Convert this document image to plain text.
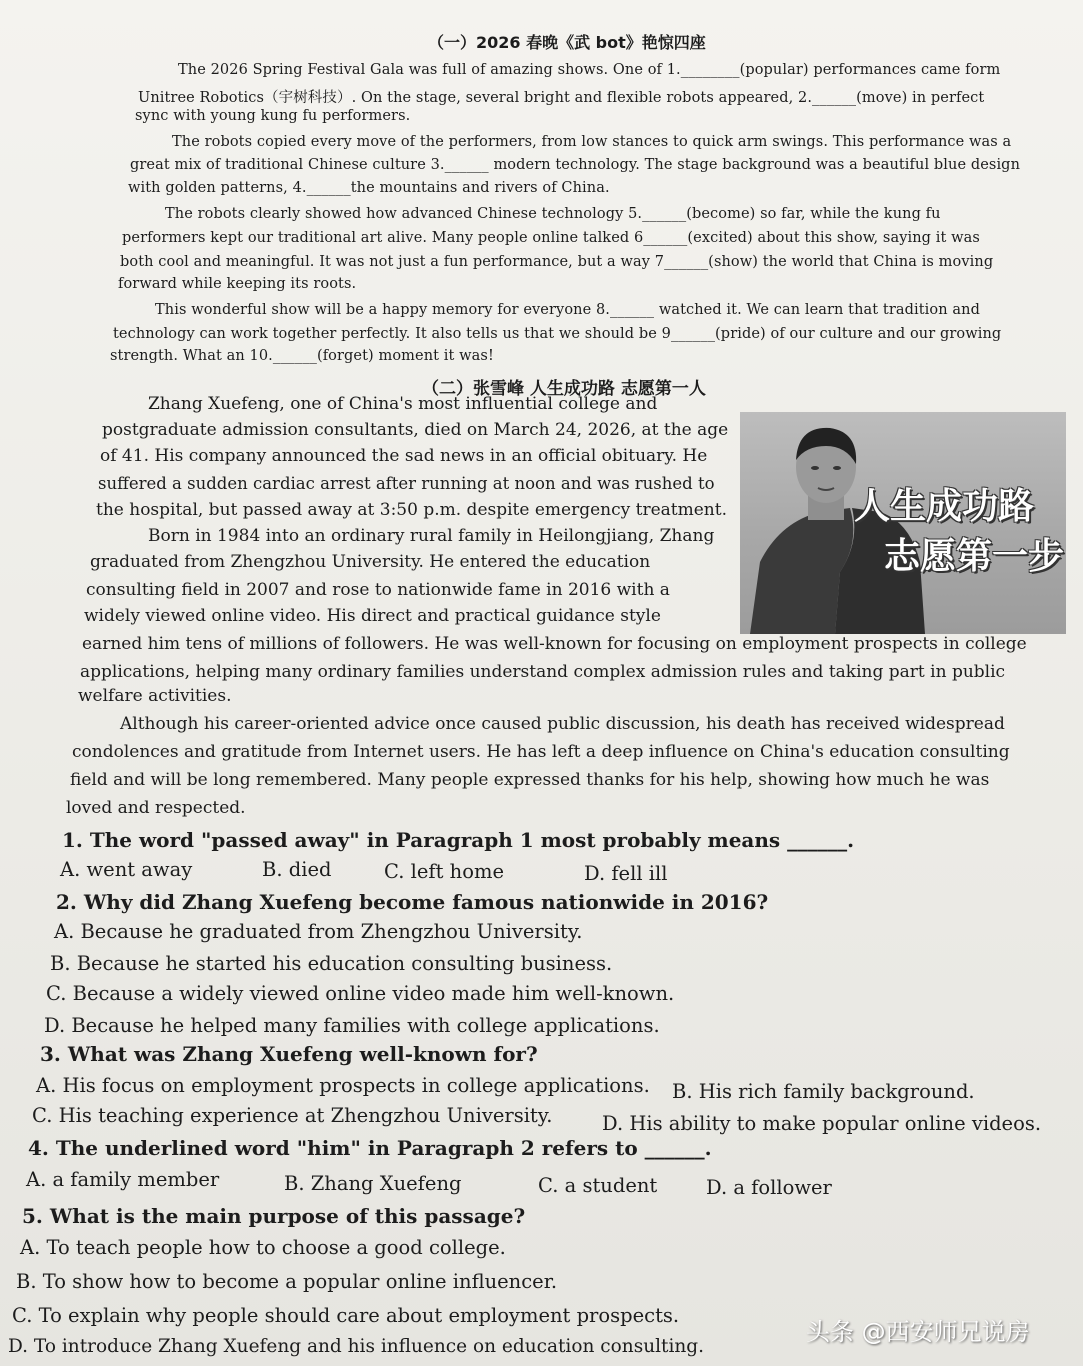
（一）2026 春晚《武 bot》艳惊四座
The 2026 Spring Festival Gala was full of amazing shows. One of 1.________(popular) performances came form
Unitree Robotics（宇树科技）. On the stage, several bright and flexible robots appeared, 2.______(move) in perfect
sync with young kung fu performers.
The robots copied every move of the performers, from low stances to quick arm swings. This performance was a
great mix of traditional Chinese culture 3.______ modern technology. The stage background was a beautiful blue design
with golden patterns, 4.______the mountains and rivers of China.
The robots clearly showed how advanced Chinese technology 5.______(become) so far, while the kung fu
performers kept our traditional art alive. Many people online talked 6______(excited) about this show, saying it was
both cool and meaningful. It was not just a fun performance, but a way 7______(show) the world that China is moving
forward while keeping its roots.
This wonderful show will be a happy memory for everyone 8.______ watched it. We can learn that tradition and
technology can work together perfectly. It also tells us that we should be 9______(pride) of our culture and our growing
strength. What an 10.______(forget) moment it was!
（二）张雪峰 人生成功路 志愿第一人
人生成功路
志愿第一步
Zhang Xuefeng, one of China's most influential college and
postgraduate admission consultants, died on March 24, 2026, at the age
of 41. His company announced the sad news in an official obituary. He
suffered a sudden cardiac arrest after running at noon and was rushed to
the hospital, but passed away at 3:50 p.m. despite emergency treatment.
Born in 1984 into an ordinary rural family in Heilongjiang, Zhang
graduated from Zhengzhou University. He entered the education
consulting field in 2007 and rose to nationwide fame in 2016 with a
widely viewed online video. His direct and practical guidance style
earned him tens of millions of followers. He was well-known for focusing on employment prospects in college
applications, helping many ordinary families understand complex admission rules and taking part in public
welfare activities.
Although his career-oriented advice once caused public discussion, his death has received widespread
condolences and gratitude from Internet users. He has left a deep influence on China's education consulting
field and will be long remembered. Many people expressed thanks for his help, showing how much he was
loved and respected.
1. The word "passed away" in Paragraph 1 most probably means ______.
A. went away	B. died	C. left home	D. fell ill
2. Why did Zhang Xuefeng become famous nationwide in 2016?
A. Because he graduated from Zhengzhou University.
B. Because he started his education consulting business.
C. Because a widely viewed online video made him well-known.
D. Because he helped many families with college applications.
3. What was Zhang Xuefeng well-known for?
A. His focus on employment prospects in college applications. B. His rich family background.
C. His teaching experience at Zhengzhou University.	D. His ability to make popular online videos.
4. The underlined word "him" in Paragraph 2 refers to ______.
A. a family member	B. Zhang Xuefeng	C. a student D. a follower
5. What is the main purpose of this passage?
A. To teach people how to choose a good college.
B. To show how to become a popular online influencer.
C. To explain why people should care about employment prospects.
D. To introduce Zhang Xuefeng and his influence on education consulting.
头条 @西安师兄说房
